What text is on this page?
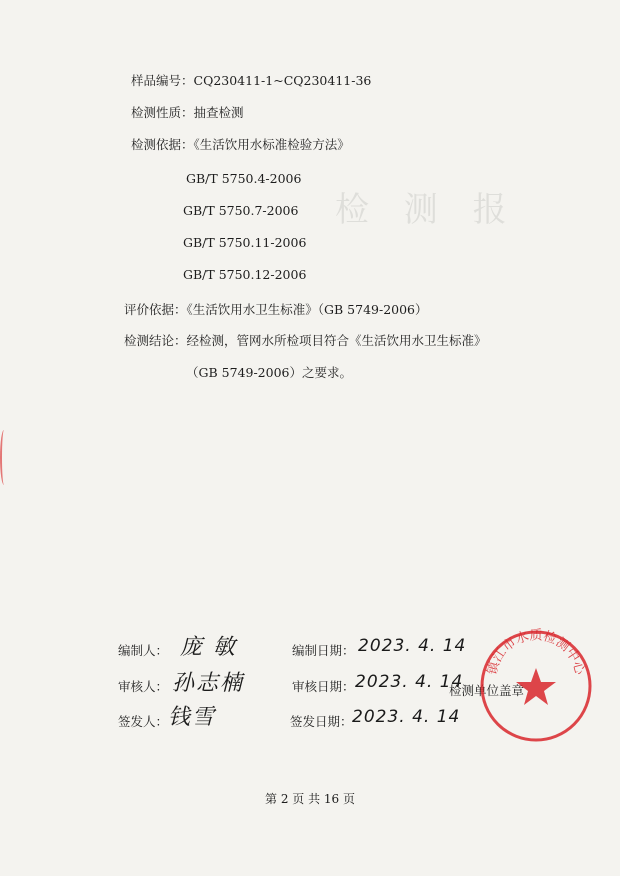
检 测 报
样品编号：CQ230411-1~CQ230411-36
检测性质：抽查检测
检测依据：《生活饮用水标准检验方法》
GB/T 5750.4-2006
GB/T 5750.7-2006
GB/T 5750.11-2006
GB/T 5750.12-2006
评价依据：《生活饮用水卫生标准》（GB 5749-2006）
检测结论：经检测，管网水所检项目符合《生活饮用水卫生标准》
（GB 5749-2006）之要求。
编制人： 庞 敏	编制日期： 2023. 4. 14
审核人： 孙志楠	审核日期： 2023. 4. 14
检测单位盖章
签发人： 钱雪	签发日期： 2023. 4. 14
镇江市水质检测中心
第 2 页 共 16 页
